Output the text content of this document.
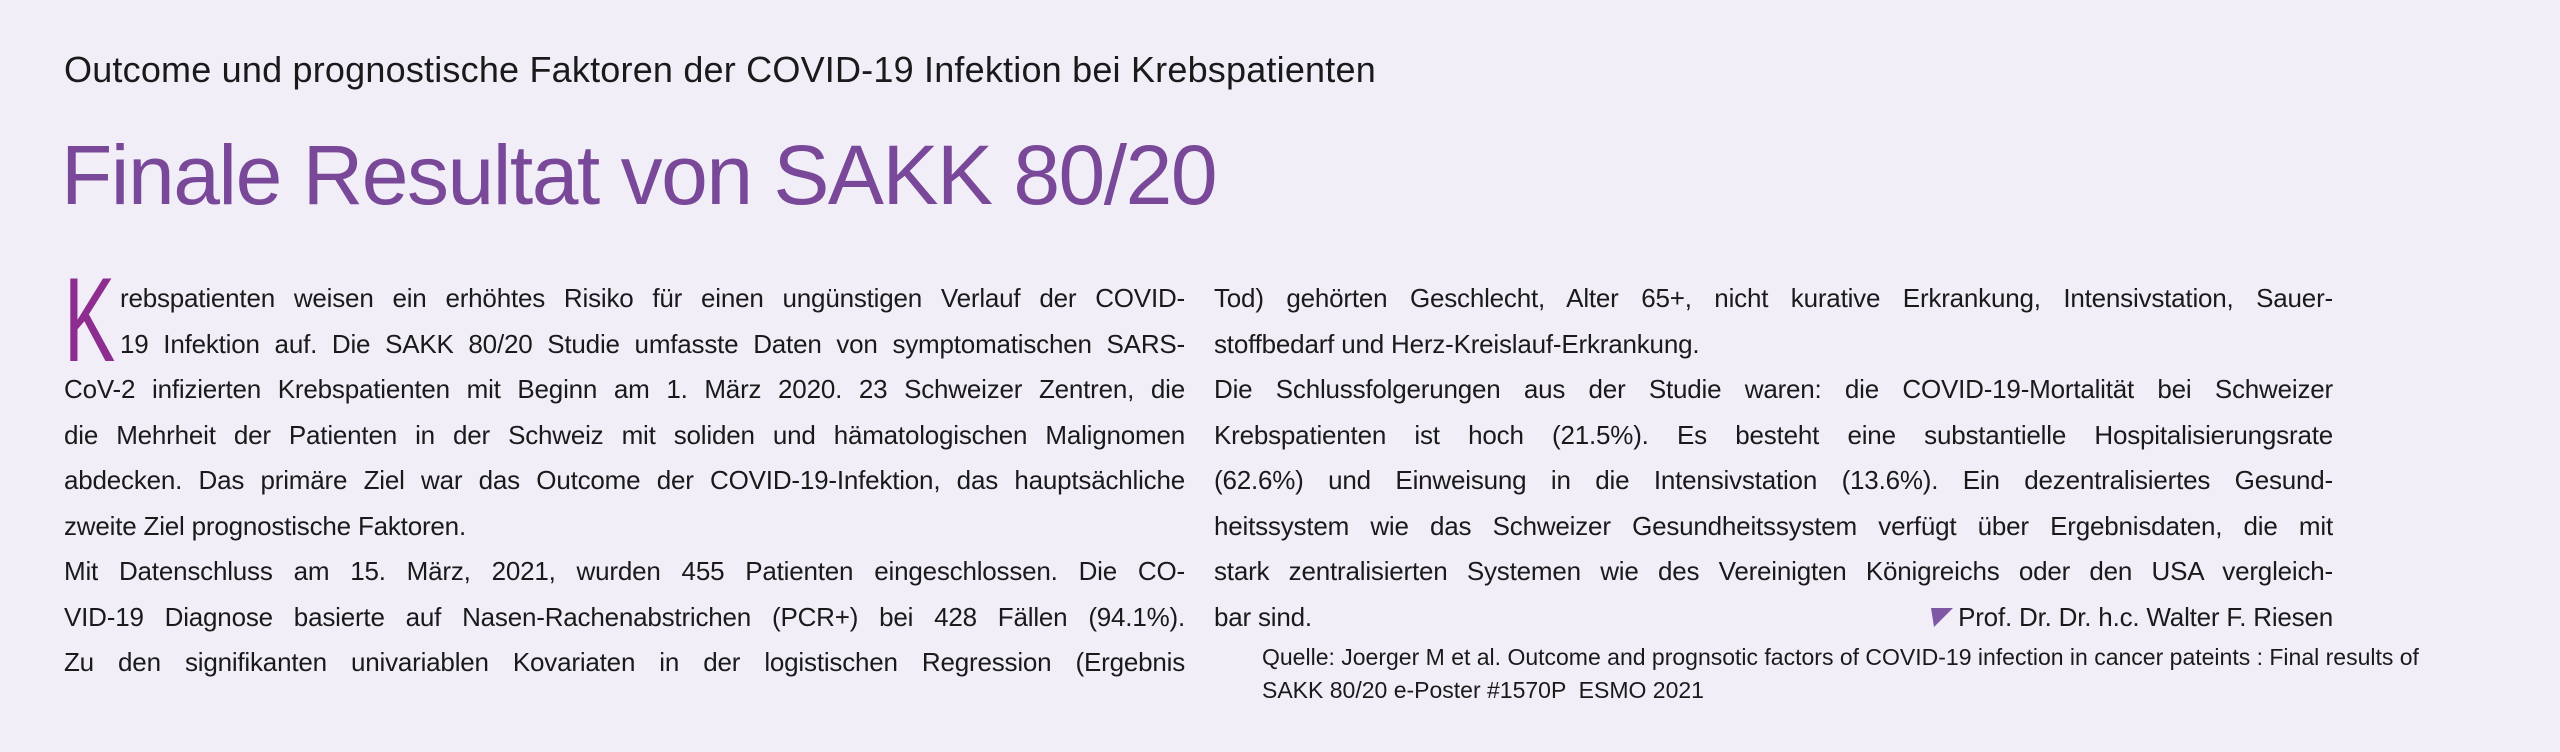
Outcome und prognostische Faktoren der COVID-19 Infektion bei Krebspatienten
Finale Resultat von SAKK 80/20
K rebspatienten weisen ein erhöhtes Risiko für einen ungünstigen Verlauf der COVID-
19 Infektion auf. Die SAKK 80/20 Studie umfasste Daten von symptomatischen SARS-
CoV-2 infizierten Krebspatienten mit Beginn am 1. März 2020. 23 Schweizer Zentren, die
die Mehrheit der Patienten in der Schweiz mit soliden und hämatologischen Malignomen
abdecken. Das primäre Ziel war das Outcome der COVID-19-Infektion, das hauptsächliche
zweite Ziel prognostische Faktoren.
Mit Datenschluss am 15. März, 2021, wurden 455 Patienten eingeschlossen. Die CO-
VID-19 Diagnose basierte auf Nasen-Rachenabstrichen (PCR+) bei 428 Fällen (94.1%).
Zu den signifikanten univariablen Kovariaten in der logistischen Regression (Ergebnis
Tod) gehörten Geschlecht, Alter 65+, nicht kurative Erkrankung, Intensivstation, Sauer-
stoffbedarf und Herz-Kreislauf-Erkrankung.
Die Schlussfolgerungen aus der Studie waren: die COVID-19-Mortalität bei Schweizer
Krebspatienten ist hoch (21.5%). Es besteht eine substantielle Hospitalisierungsrate
(62.6%) und Einweisung in die Intensivstation (13.6%). Ein dezentralisiertes Gesund-
heitssystem wie das Schweizer Gesundheitssystem verfügt über Ergebnisdaten, die mit
stark zentralisierten Systemen wie des Vereinigten Königreichs oder den USA vergleich-
Prof. Dr. Dr. h.c. Walter F. Riesen
bar sind.
Quelle: Joerger M et al. Outcome and prognsotic factors of COVID-19 infection in cancer pateints : Final results of
SAKK 80/20 e-Poster #1570P  ESMO 2021
